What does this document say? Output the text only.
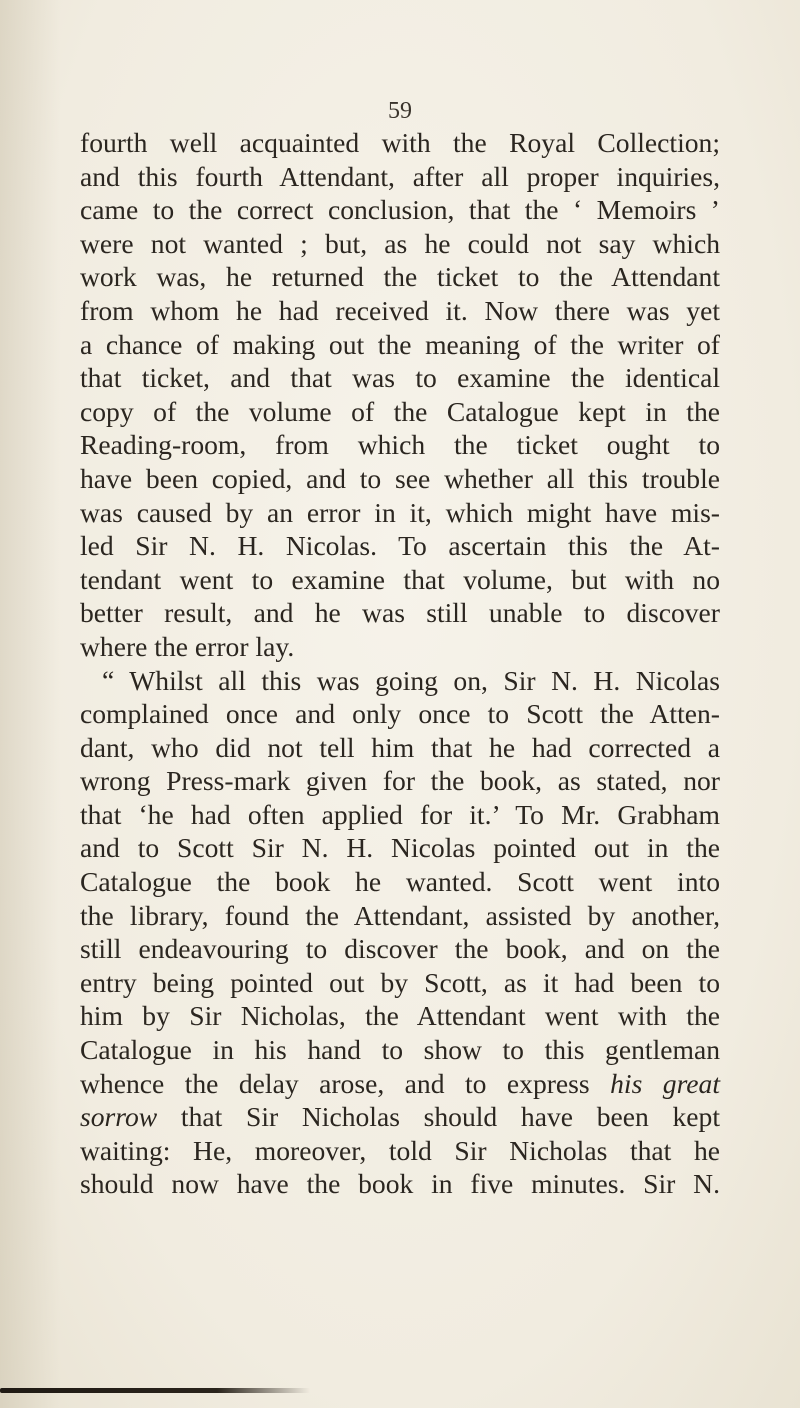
59
fourth well acquainted with the Royal Collection;
and this fourth Attendant, after all proper inquiries,
came to the correct conclusion, that the ‘ Memoirs ’
were not wanted ; but, as he could not say which
work was, he returned the ticket to the Attendant
from whom he had received it. Now there was yet
a chance of making out the meaning of the writer of
that ticket, and that was to examine the identical
copy of the volume of the Catalogue kept in the
Reading-room, from which the ticket ought to
have been copied, and to see whether all this trouble
was caused by an error in it, which might have mis-
led Sir N. H. Nicolas. To ascertain this the At-
tendant went to examine that volume, but with no
better result, and he was still unable to discover
where the error lay.
“ Whilst all this was going on, Sir N. H. Nicolas
complained once and only once to Scott the Atten-
dant, who did not tell him that he had corrected a
wrong Press-mark given for the book, as stated, nor
that ‘he had often applied for it.’ To Mr. Grabham
and to Scott Sir N. H. Nicolas pointed out in the
Catalogue the book he wanted. Scott went into
the library, found the Attendant, assisted by another,
still endeavouring to discover the book, and on the
entry being pointed out by Scott, as it had been to
him by Sir Nicholas, the Attendant went with the
Catalogue in his hand to show to this gentleman
whence the delay arose, and to express his great
sorrow that Sir Nicholas should have been kept
waiting: He, moreover, told Sir Nicholas that he
should now have the book in five minutes. Sir N.
